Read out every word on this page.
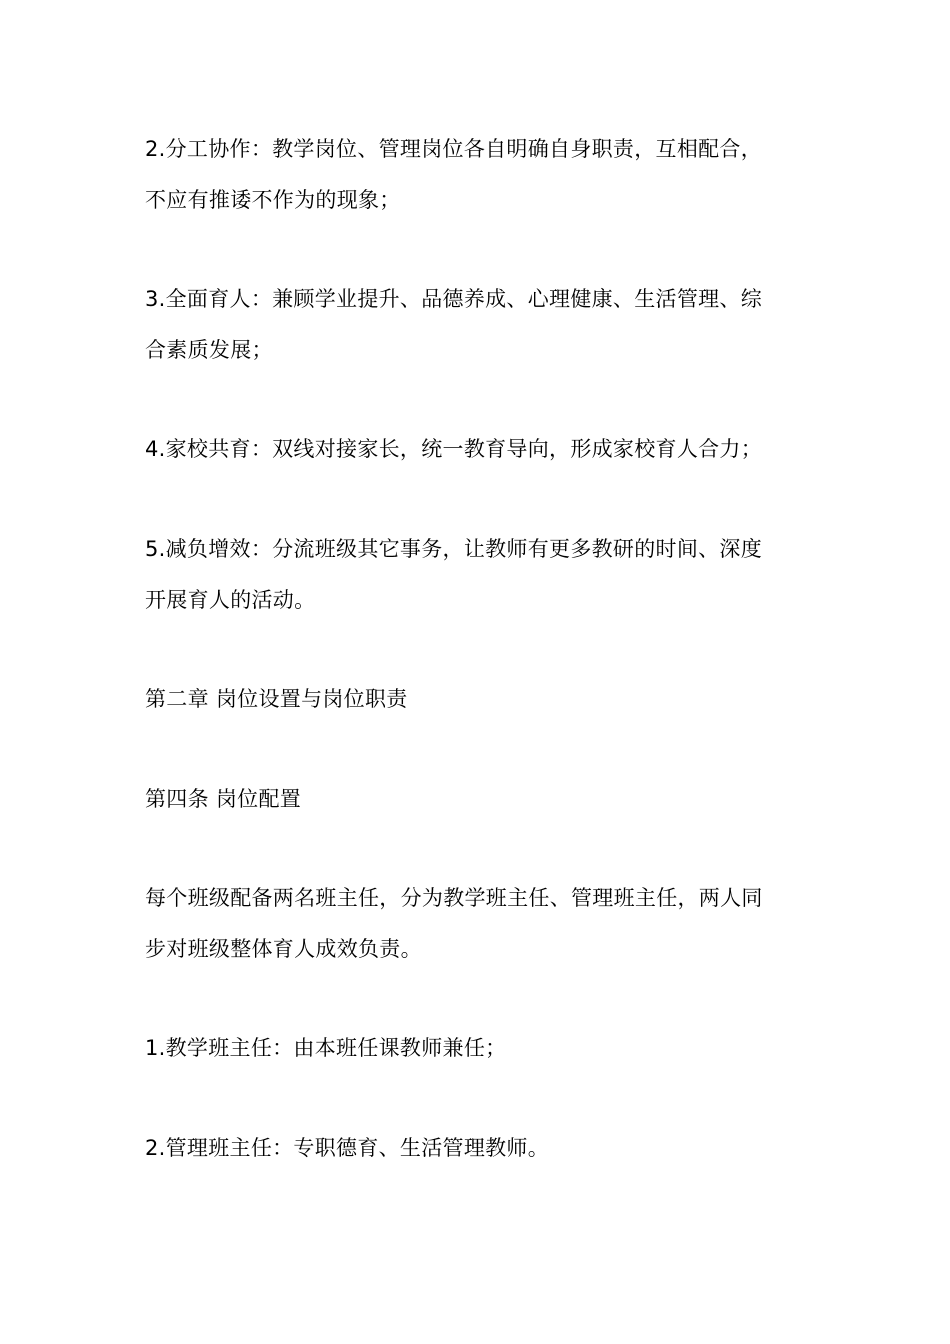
2.分工协作：教学岗位、管理岗位各自明确自身职责，互相配合，
不应有推诿不作为的现象；
3.全面育人：兼顾学业提升、品德养成、心理健康、生活管理、综
合素质发展；
4.家校共育：双线对接家长，统一教育导向，形成家校育人合力；
5.减负增效：分流班级其它事务，让教师有更多教研的时间、深度
开展育人的活动。
第二章 岗位设置与岗位职责
第四条 岗位配置
每个班级配备两名班主任，分为教学班主任、管理班主任，两人同
步对班级整体育人成效负责。
1.教学班主任：由本班任课教师兼任；
2.管理班主任：专职德育、生活管理教师。
